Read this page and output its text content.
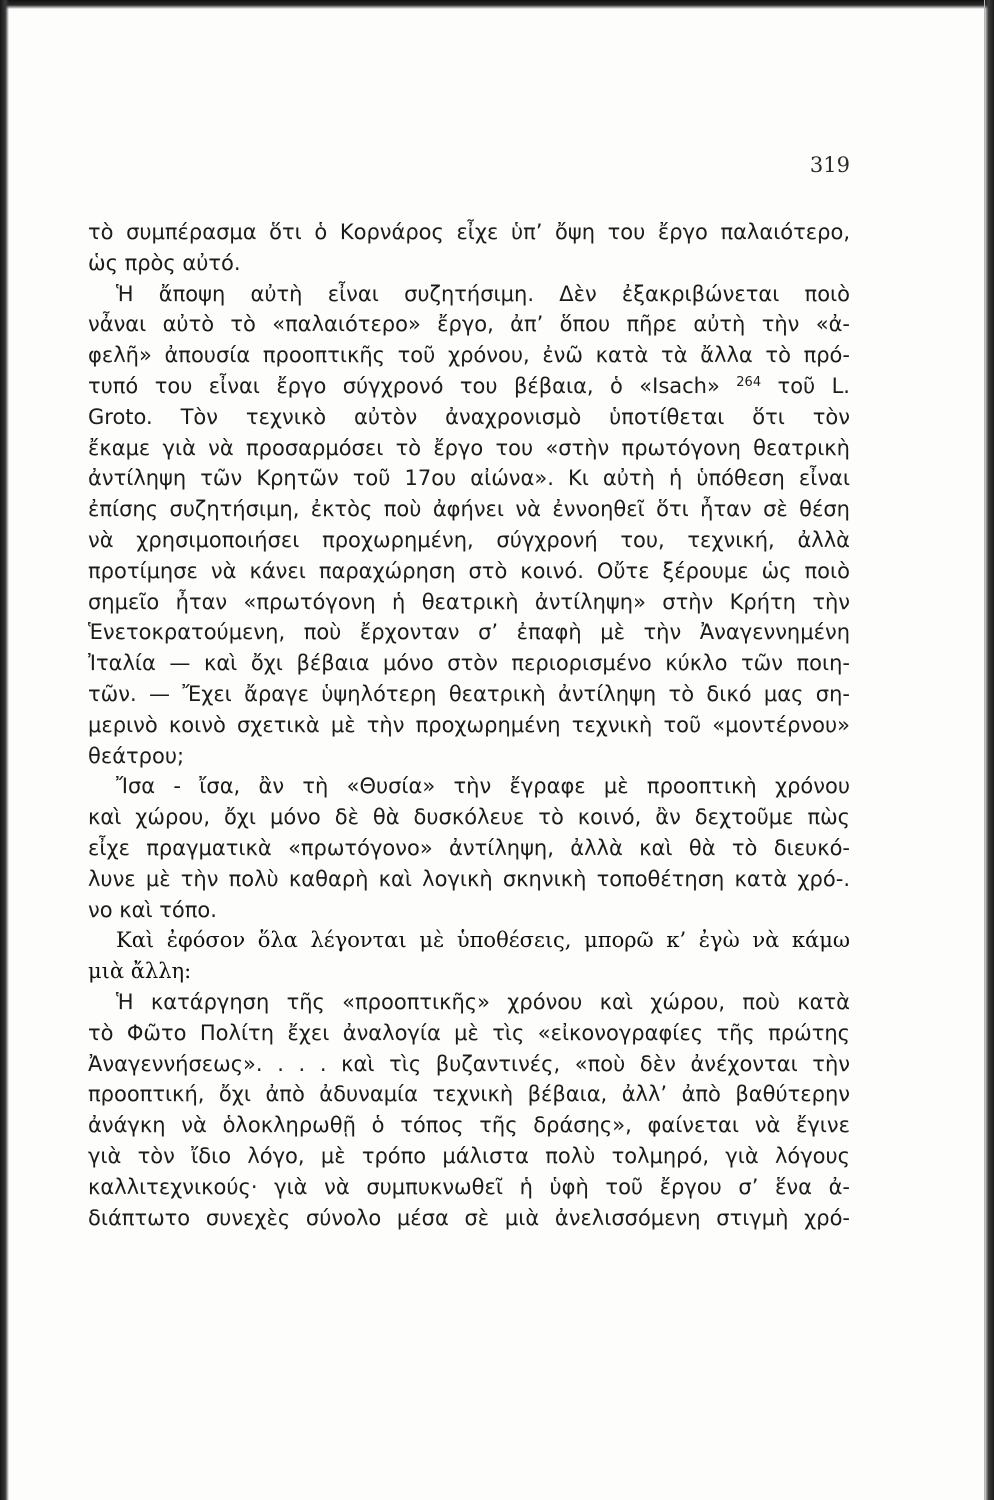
319
τὸ συμπέρασμα ὅτι ὁ Κορνάρος εἶχε ὑπ’ ὄψη του ἔργο παλαιότερο,
ὡς πρὸς αὐτό.
Ἡ ἄποψη αὐτὴ εἶναι συζητήσιμη. Δὲν ἐξακριβώνεται ποιὸ
νἆναι αὐτὸ τὸ «παλαιότερο» ἔργο, ἀπ’ ὅπου πῆρε αὐτὴ τὴν «ἀ-
φελῆ» ἀπουσία προοπτικῆς τοῦ χρόνου, ἐνῶ κατὰ τὰ ἄλλα τὸ πρό-
τυπό του εἶναι ἔργο σύγχρονό του βέβαια, ὁ «Isach» $^{264}$ τοῦ L.
Groto. Τὸν τεχνικὸ αὐτὸν ἀναχρονισμὸ ὑποτίθεται ὅτι τὸν
ἔκαμε γιὰ νὰ προσαρμόσει τὸ ἔργο του «στὴν πρωτόγονη θεατρικὴ
ἀντίληψη τῶν Κρητῶν τοῦ 17ου αἰώνα». Κι αὐτὴ ἡ ὑπόθεση εἶναι
ἐπίσης συζητήσιμη, ἐκτὸς ποὺ ἀφήνει νὰ ἐννοηθεῖ ὅτι ἦταν σὲ θέση
νὰ χρησιμοποιήσει προχωρημένη, σύγχρονή του, τεχνική, ἀλλὰ
προτίμησε νὰ κάνει παραχώρηση στὸ κοινό. Οὔτε ξέρουμε ὡς ποιὸ
σημεῖο ἦταν «πρωτόγονη ἡ θεατρικὴ ἀντίληψη» στὴν Κρήτη τὴν
Ἑνετοκρατούμενη, ποὺ ἔρχονταν σ’ ἐπαφὴ μὲ τὴν Ἀναγεννημένη
Ἰταλία — καὶ ὄχι βέβαια μόνο στὸν περιορισμένο κύκλο τῶν ποιη-
τῶν. — Ἔχει ἄραγε ὑψηλότερη θεατρικὴ ἀντίληψη τὸ δικό μας ση-
μερινὸ κοινὸ σχετικὰ μὲ τὴν προχωρημένη τεχνικὴ τοῦ «μοντέρνου»
θεάτρου;
Ἴσα - ἴσα, ἂν τὴ «Θυσία» τὴν ἔγραφε μὲ προοπτικὴ χρόνου
καὶ χώρου, ὄχι μόνο δὲ θὰ δυσκόλευε τὸ κοινό, ἂν δεχτοῦμε πὼς
εἶχε πραγματικὰ «πρωτόγονο» ἀντίληψη, ἀλλὰ καὶ θὰ τὸ διευκό-
λυνε μὲ τὴν πολὺ καθαρὴ καὶ λογικὴ σκηνικὴ τοποθέτηση κατὰ χρό-.
νο καὶ τόπο.
Καὶ ἐφόσον ὅλα λέγονται μὲ ὑποθέσεις, μπορῶ κ’ ἐγὼ νὰ κάμω
μιὰ ἄλλη:
Ἡ κατάργηση τῆς «προοπτικῆς» χρόνου καὶ χώρου, ποὺ κατὰ
τὸ Φῶτο Πολίτη ἔχει ἀναλογία μὲ τὶς «εἰκονογραφίες τῆς πρώτης
Ἀναγεννήσεως». . . . καὶ τὶς βυζαντινές, «ποὺ δὲν ἀνέχονται τὴν
προοπτική, ὄχι ἀπὸ ἀδυναμία τεχνικὴ βέβαια, ἀλλ’ ἀπὸ βαθύτερην
ἀνάγκη νὰ ὁλοκληρωθῇ ὁ τόπος τῆς δράσης», φαίνεται νὰ ἔγινε
γιὰ τὸν ἴδιο λόγο, μὲ τρόπο μάλιστα πολὺ τολμηρό, γιὰ λόγους
καλλιτεχνικούς· γιὰ νὰ συμπυκνωθεῖ ἡ ὑφὴ τοῦ ἔργου σ’ ἕνα ἀ-
διάπτωτο συνεχὲς σύνολο μέσα σὲ μιὰ ἀνελισσόμενη στιγμὴ χρό-
